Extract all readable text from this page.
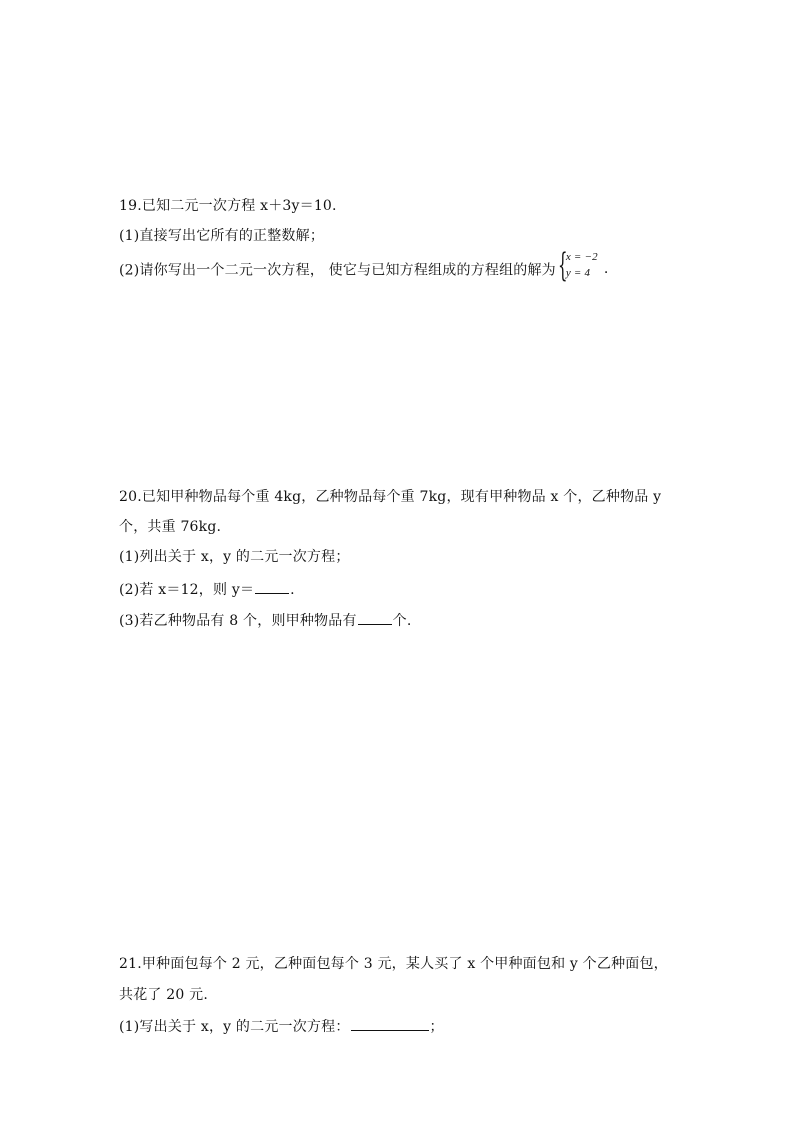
19.已知二元一次方程 x＋3y＝10.
(1)直接写出它所有的正整数解；
(2)请你写出一个二元一次方程， 使它与已知方程组成的方程组的解为 {
x = −2
y = 4 .
20.已知甲种物品每个重 4kg，乙种物品每个重 7kg，现有甲种物品 x 个，乙种物品 y
个，共重 76kg.
(1)列出关于 x，y 的二元一次方程；
(2)若 x＝12，则 y＝	.
(3)若乙种物品有 8 个，则甲种物品有	个.
21.甲种面包每个 2 元，乙种面包每个 3 元，某人买了 x 个甲种面包和 y 个乙种面包，
共花了 20 元.
(1)写出关于 x，y 的二元一次方程：	；
